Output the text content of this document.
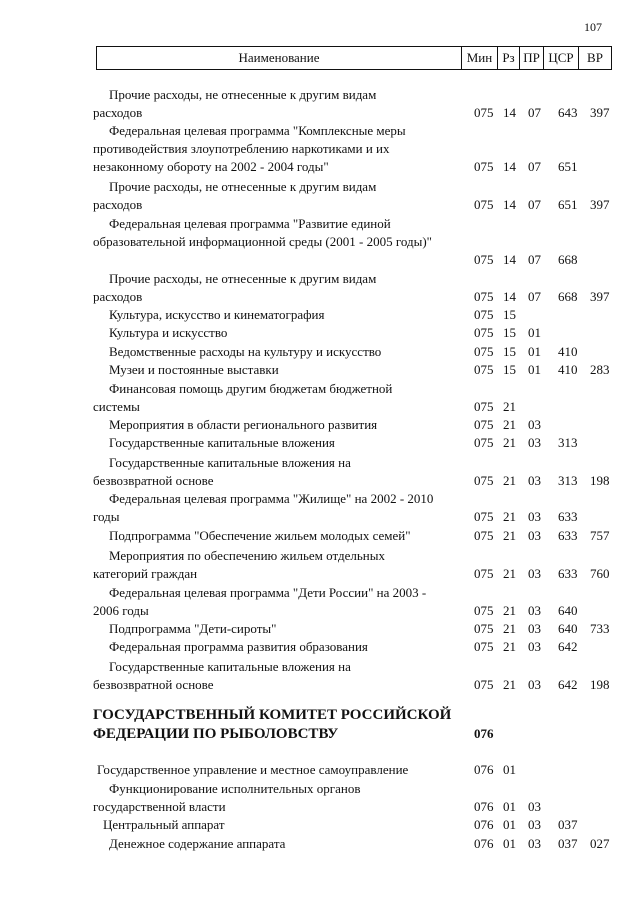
107
Наименование	Мин Рз ПР ЦСР	ВР
Прочие расходы, не отнесенные к другим видам
расходов	075 14 07 643 397
Федеральная целевая программа "Комплексные меры
противодействия злоупотреблению наркотиками и их незаконному обороту на 2002 - 2004 годы"	075 14 07 651
Прочие расходы, не отнесенные к другим видам
расходов	075 14 07 651 397
Федеральная целевая программа "Развитие единой
образовательной информационной среды (2001 - 2005 годы)"
075 14 07 668
Прочие расходы, не отнесенные к другим видам
расходов	075 14 07 668 397
Культура, искусство и кинематография	075 15
Культура и искусство	075 15 01
Ведомственные расходы на культуру и искусство	075 15 01 410
Музеи и постоянные выставки	075 15 01 410 283
Финансовая помощь другим бюджетам бюджетной
системы	075 21
Мероприятия в области регионального развития	075 21 03
Государственные капитальные вложения	075 21 03 313
Государственные капитальные вложения на
безвозвратной основе	075 21 03 313 198
Федеральная целевая программа "Жилище" на 2002 - 2010
годы	075 21 03 633
Подпрограмма "Обеспечение жильем молодых семей"	075 21 03 633 757
Мероприятия по обеспечению жильем отдельных
категорий граждан	075 21 03 633 760
Федеральная целевая программа "Дети России" на 2003 -
2006 годы	075 21 03 640
Подпрограмма "Дети-сироты"	075 21 03 640 733
Федеральная программа развития образования	075 21 03 642
Государственные капитальные вложения на
безвозвратной основе	075 21 03 642 198
ГОСУДАРСТВЕННЫЙ КОМИТЕТ РОССИЙСКОЙ ФЕДЕРАЦИИ ПО РЫБОЛОВСТВУ	076
Государственное управление и местное самоуправление	076 01
Функционирование исполнительных органов
государственной власти	076 01 03
Центральный аппарат	076 01 03 037
Денежное содержание аппарата	076 01 03 037 027
